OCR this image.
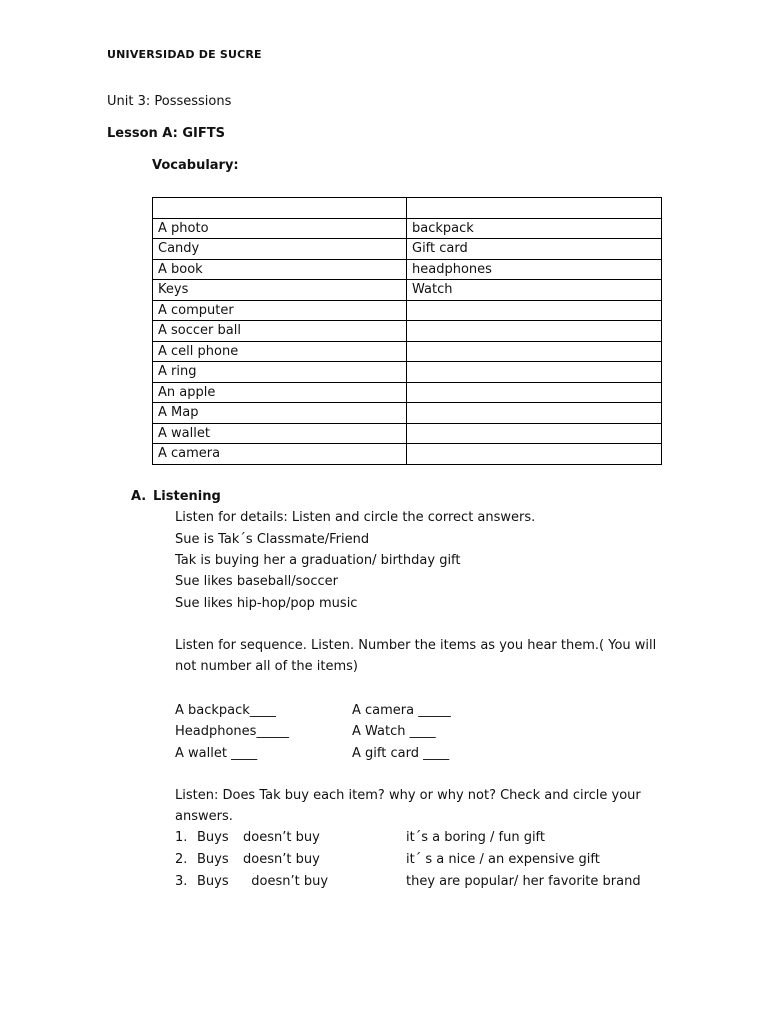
UNIVERSIDAD DE SUCRE
Unit 3: Possessions
Lesson A: GIFTS
Vocabulary:

A photo	backpack
Candy	Gift card
A book	headphones
Keys	Watch
A computer	
A soccer ball	
A cell phone	
A ring	
An apple	
A Map	
A wallet	
A camera	
A. Listening
Listen for details: Listen and circle the correct answers.
Sue is Tak´s Classmate/Friend
Tak is buying her a graduation/ birthday gift
Sue likes baseball/soccer
Sue likes hip-hop/pop music
Listen for sequence. Listen. Number the items as you hear them.( You will
not number all of the items)
A backpack____	A camera _____
Headphones_____	A Watch ____
A wallet ____	A gift card ____
Listen: Does Tak buy each item? why or why not? Check and circle your
answers.
1. Buys doesn’t buy	it´s a boring / fun gift
2. Buys doesn’t buy	it´ s a nice / an expensive gift
3. Buys  doesn’t buy	they are popular/ her favorite brand
